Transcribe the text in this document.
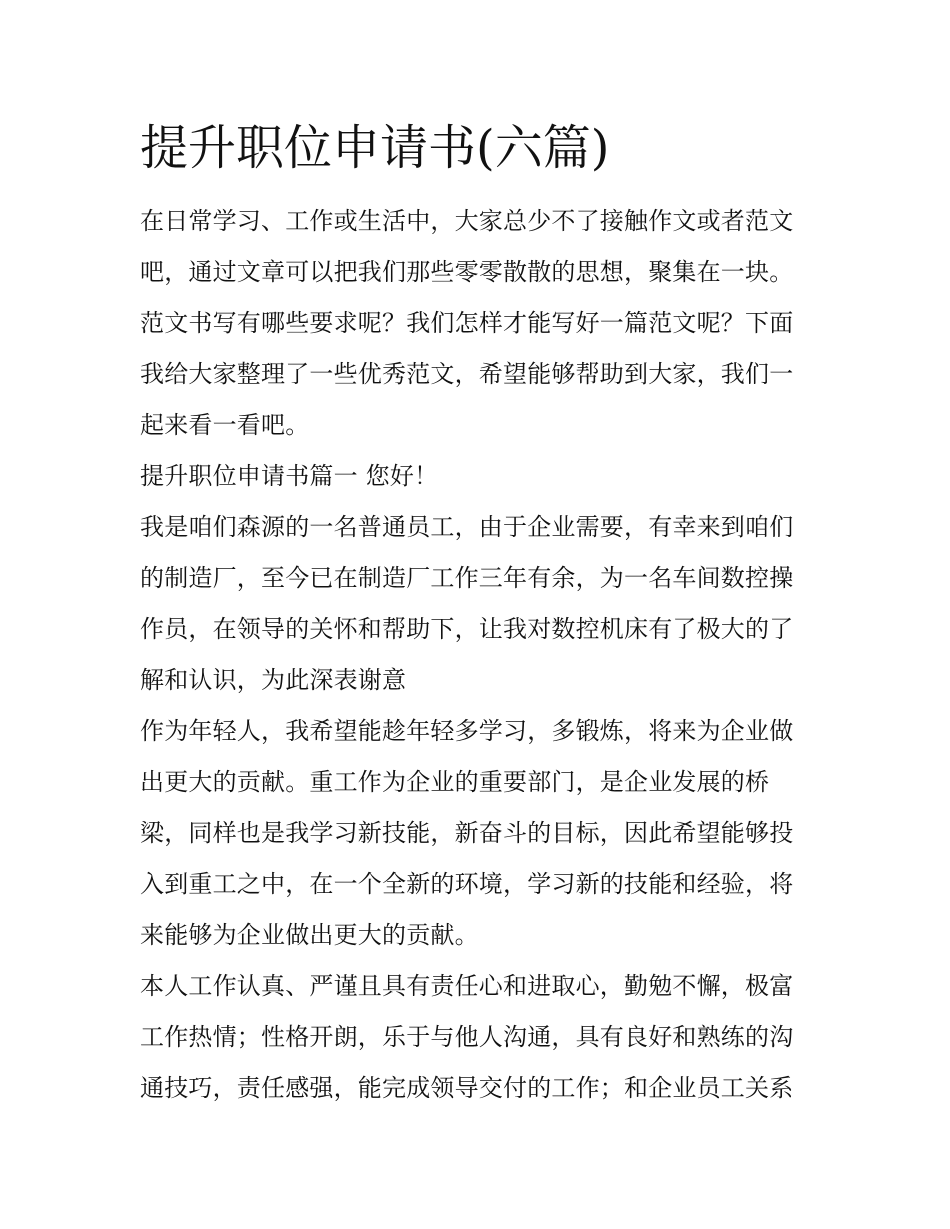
提升职位申请书(六篇)

在日常学习、工作或生活中，大家总少不了接触作文或者范文

吧，通过文章可以把我们那些零零散散的思想，聚集在一块。

范文书写有哪些要求呢？我们怎样才能写好一篇范文呢？下面

我给大家整理了一些优秀范文，希望能够帮助到大家，我们一

起来看一看吧。

提升职位申请书篇一 您好！

我是咱们森源的一名普通员工，由于企业需要，有幸来到咱们

的制造厂，至今已在制造厂工作三年有余，为一名车间数控操

作员，在领导的关怀和帮助下，让我对数控机床有了极大的了

解和认识，为此深表谢意

作为年轻人，我希望能趁年轻多学习，多锻炼，将来为企业做

出更大的贡献。重工作为企业的重要部门，是企业发展的桥

梁，同样也是我学习新技能，新奋斗的目标，因此希望能够投

入到重工之中，在一个全新的环境，学习新的技能和经验，将

来能够为企业做出更大的贡献。

本人工作认真、严谨且具有责任心和进取心，勤勉不懈，极富

工作热情；性格开朗，乐于与他人沟通，具有良好和熟练的沟

通技巧，责任感强，能完成领导交付的工作；和企业员工关系
